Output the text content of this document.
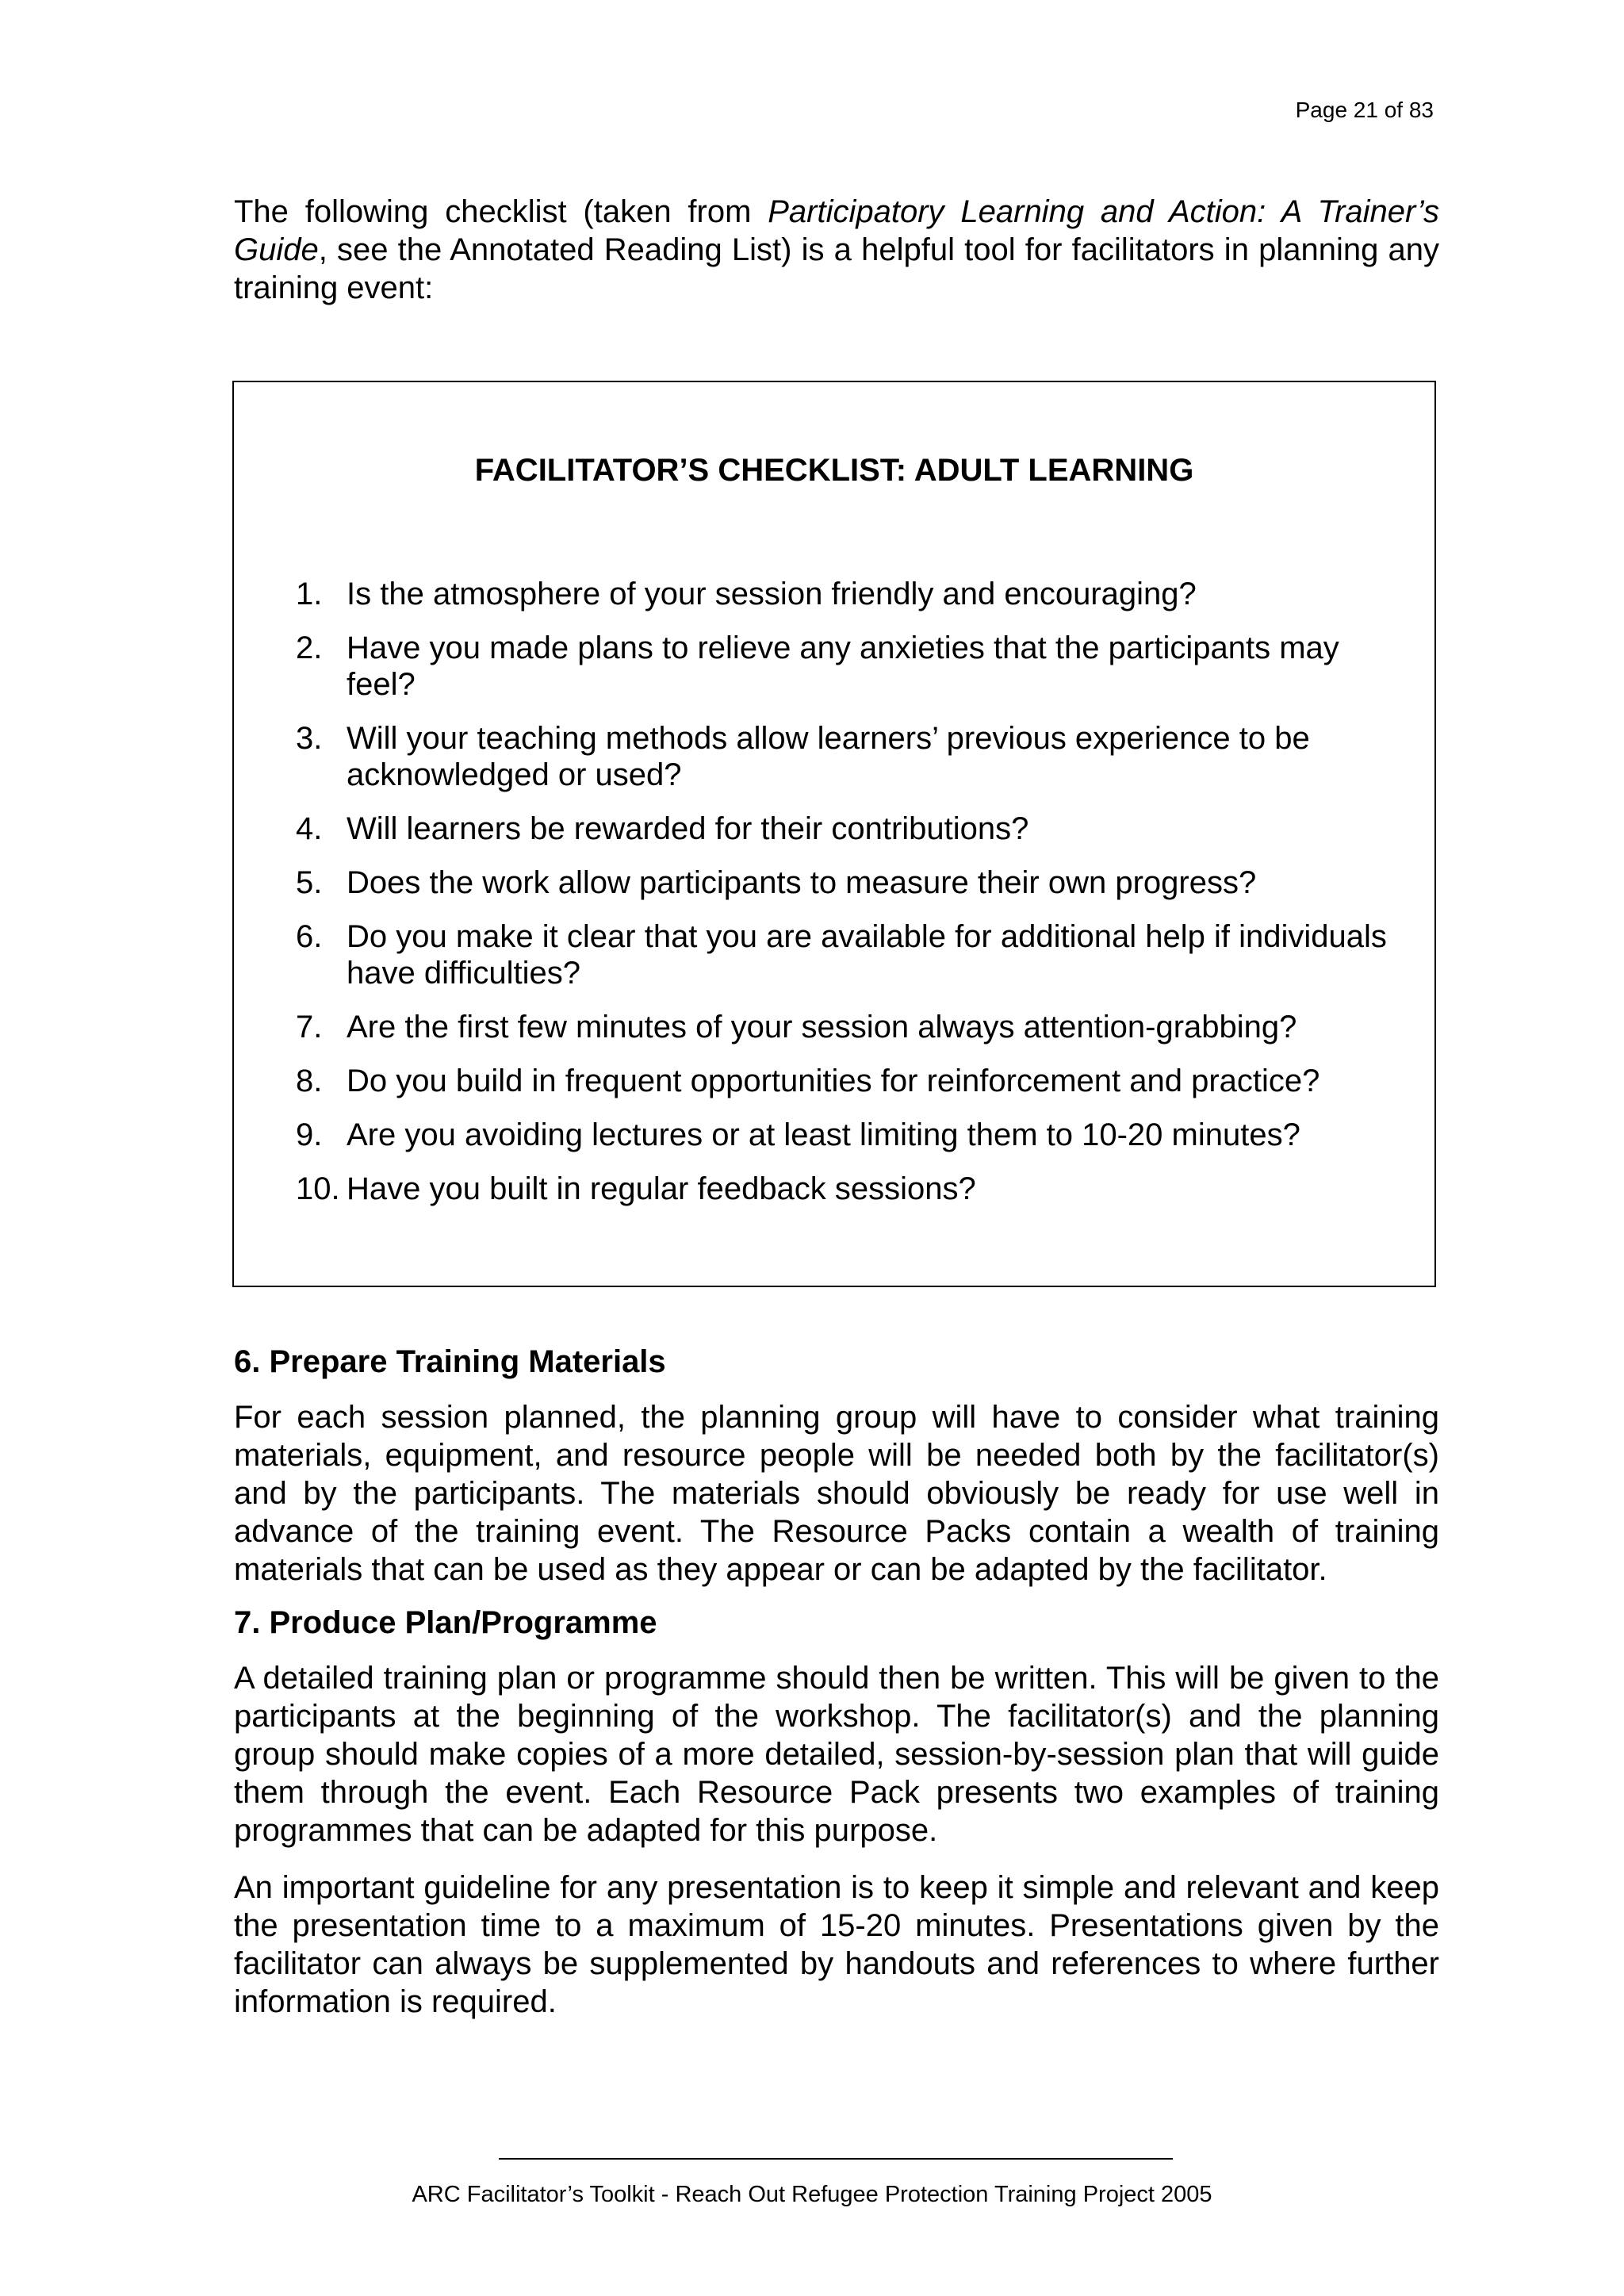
Page 21 of 83

The following checklist (taken from Participatory Learning and Action: A Trainer’s Guide, see the Annotated Reading List) is a helpful tool for facilitators in planning any training event:

FACILITATOR’S CHECKLIST: ADULT LEARNING
1. Is the atmosphere of your session friendly and encouraging?
2. Have you made plans to relieve any anxieties that the participants may feel?
3. Will your teaching methods allow learners’ previous experience to be acknowledged or used?
4. Will learners be rewarded for their contributions?
5. Does the work allow participants to measure their own progress?
6. Do you make it clear that you are available for additional help if individuals have difficulties?
7. Are the first few minutes of your session always attention-grabbing?
8. Do you build in frequent opportunities for reinforcement and practice?
9. Are you avoiding lectures or at least limiting them to 10-20 minutes?
10. Have you built in regular feedback sessions?
6. Prepare Training Materials

For each session planned, the planning group will have to consider what training materials, equipment, and resource people will be needed both by the facilitator(s) and by the participants. The materials should obviously be ready for use well in advance of the training event. The Resource Packs contain a wealth of training materials that can be used as they appear or can be adapted by the facilitator.

7. Produce Plan/Programme

A detailed training plan or programme should then be written. This will be given to the participants at the beginning of the workshop. The facilitator(s) and the planning group should make copies of a more detailed, session-by-session plan that will guide them through the event. Each Resource Pack presents two examples of training programmes that can be adapted for this purpose.

An important guideline for any presentation is to keep it simple and relevant and keep the presentation time to a maximum of 15-20 minutes. Presentations given by the facilitator can always be supplemented by handouts and references to where further information is required.

ARC Facilitator’s Toolkit - Reach Out Refugee Protection Training Project 2005
